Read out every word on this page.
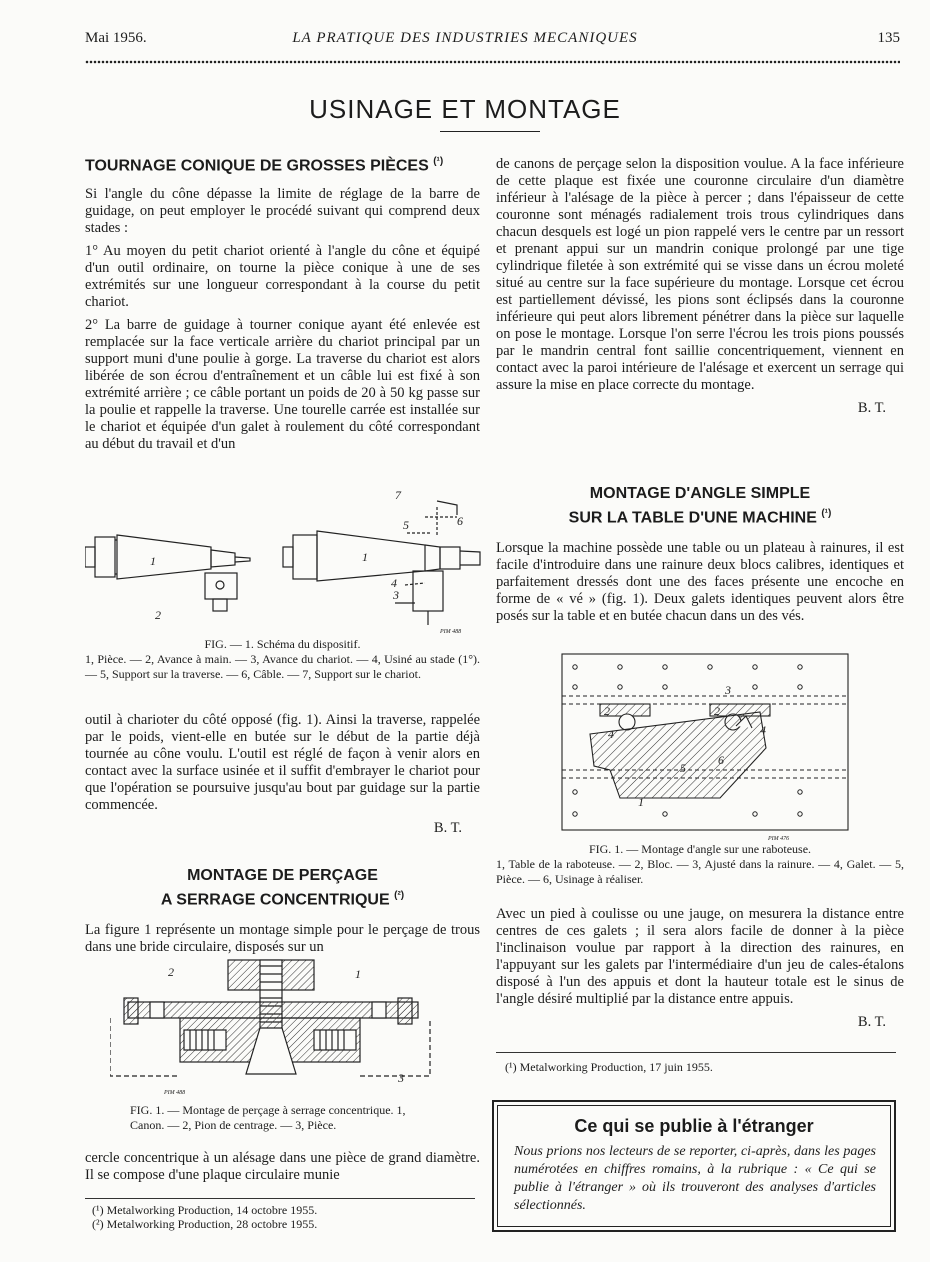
Mai 1956.	LA PRATIQUE DES INDUSTRIES MECANIQUES	135
USINAGE ET MONTAGE
TOURNAGE CONIQUE DE GROSSES PIÈCES $^{(^1)}$

Si l'angle du cône dépasse la limite de réglage de la barre de guidage, on peut employer le procédé suivant qui comprend deux stades :

1° Au moyen du petit chariot orienté à l'angle du cône et équipé d'un outil ordinaire, on tourne la pièce conique à une de ses extrémités sur une longueur correspondant à la course du petit chariot.

2° La barre de guidage à tourner conique ayant été enlevée est remplacée sur la face verticale arrière du chariot principal par un support muni d'une poulie à gorge. La traverse du chariot est alors libérée de son écrou d'entraînement et un câble lui est fixé à son extrémité arrière ; ce câble portant un poids de 20 à 50 kg passe sur la poulie et rappelle la traverse. Une tourelle carrée est installée sur le chariot et équipée d'un galet à roulement du côté correspondant au début du travail et d'un

1
2
1
3
4
5	6
7
PIM 488
FIG. — 1. Schéma du dispositif.
1, Pièce. — 2, Avance à main. — 3, Avance du chariot. — 4, Usiné au stade (1°). — 5, Support sur la traverse. — 6, Câble. — 7, Support sur le chariot.

outil à charioter du côté opposé (fig. 1). Ainsi la traverse, rappelée par le poids, vient-elle en butée sur le début de la partie déjà tournée au cône voulu. L'outil est réglé de façon à venir alors en contact avec la surface usinée et il suffit d'embrayer le chariot pour que l'opération se poursuive jusqu'au bout par guidage sur la partie commencée.

B. T.
MONTAGE DE PERÇAGE
A SERRAGE CONCENTRIQUE $^{(^2)}$

La figure 1 représente un montage simple pour le perçage de trous dans une bride circulaire, disposés sur un

2	1
3
PIM 488
FIG. 1. — Montage de perçage à serrage concentrique. 1, Canon. — 2, Pion de centrage. — 3, Pièce.

cercle concentrique à un alésage dans une pièce de grand diamètre. Il se compose d'une plaque circulaire munie

(¹) Metalworking Production, 14 octobre 1955.
(²) Metalworking Production, 28 octobre 1955.

de canons de perçage selon la disposition voulue. A la face inférieure de cette plaque est fixée une couronne circulaire d'un diamètre inférieur à l'alésage de la pièce à percer ; dans l'épaisseur de cette couronne sont ménagés radialement trois trous cylindriques dans chacun desquels est logé un pion rappelé vers le centre par un ressort et prenant appui sur un mandrin conique prolongé par une tige cylindrique filetée à son extrémité qui se visse dans un écrou moleté situé au centre sur la face supérieure du montage. Lorsque cet écrou est partiellement dévissé, les pions sont éclipsés dans la couronne inférieure qui peut alors librement pénétrer dans la pièce sur laquelle on pose le montage. Lorsque l'on serre l'écrou les trois pions poussés par le mandrin central font saillie concentriquement, viennent en contact avec la paroi intérieure de l'alésage et exercent un serrage qui assure la mise en place correcte du montage.

B. T.
MONTAGE D'ANGLE SIMPLE
SUR LA TABLE D'UNE MACHINE $^{(^1)}$

Lorsque la machine possède une table ou un plateau à rainures, il est facile d'introduire dans une rainure deux blocs calibres, identiques et parfaitement dressés dont une des faces présente une encoche en forme de « vé » (fig. 1). Deux galets identiques peuvent alors être posés sur la table et en butée chacun dans un des vés.

2
3
2
4	4
5
6
1
PIM 476
FIG. 1. — Montage d'angle sur une raboteuse.
1, Table de la raboteuse. — 2, Bloc. — 3, Ajusté dans la rainure. — 4, Galet. — 5, Pièce. — 6, Usinage à réaliser.

Avec un pied à coulisse ou une jauge, on mesurera la distance entre centres de ces galets ; il sera alors facile de donner à la pièce l'inclinaison voulue par rapport à la direction des rainures, en l'appuyant sur les galets par l'intermédiaire d'un jeu de cales-étalons disposé à l'un des appuis et dont la hauteur totale est le sinus de l'angle désiré multiplié par la distance entre appuis.

B. T.
(¹) Metalworking Production, 17 juin 1955.
Ce qui se publie à l'étranger
Nous prions nos lecteurs de se reporter, ci-après, dans les pages numérotées en chiffres romains, à la rubrique : « Ce qui se publie à l'étranger » où ils trouveront des analyses d'articles sélectionnés.
